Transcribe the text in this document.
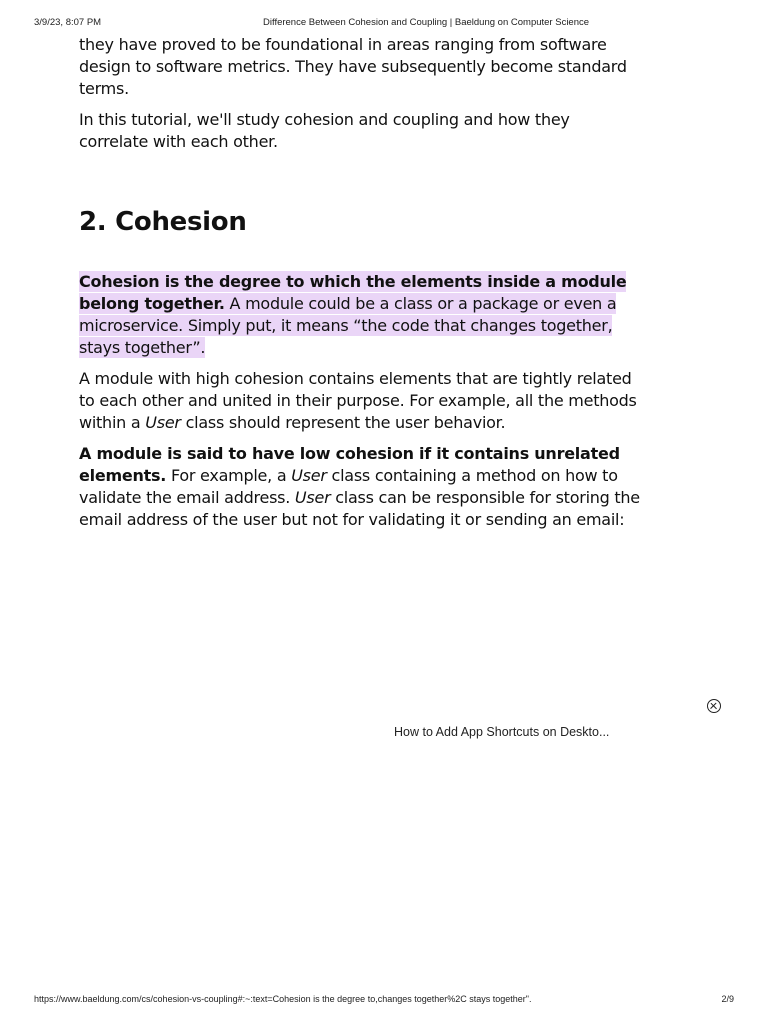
3/9/23, 8:07 PM	Difference Between Cohesion and Coupling | Baeldung on Computer Science

they have proved to be foundational in areas ranging from software design to software metrics. They have subsequently become standard terms.

In this tutorial, we'll study cohesion and coupling and how they correlate with each other.

2. Cohesion

Cohesion is the degree to which the elements inside a module belong together. A module could be a class or a package or even a microservice. Simply put, it means “the code that changes together, stays together”.

A module with high cohesion contains elements that are tightly related to each other and united in their purpose. For example, all the methods within a User class should represent the user behavior.

A module is said to have low cohesion if it contains unrelated elements. For example, a User class containing a method on how to validate the email address. User class can be responsible for storing the email address of the user but not for validating it or sending an email:

How to Add App Shortcuts on Deskto...
https://www.baeldung.com/cs/cohesion-vs-coupling#:~:text=Cohesion is the degree to,changes together%2C stays together".	2/9
